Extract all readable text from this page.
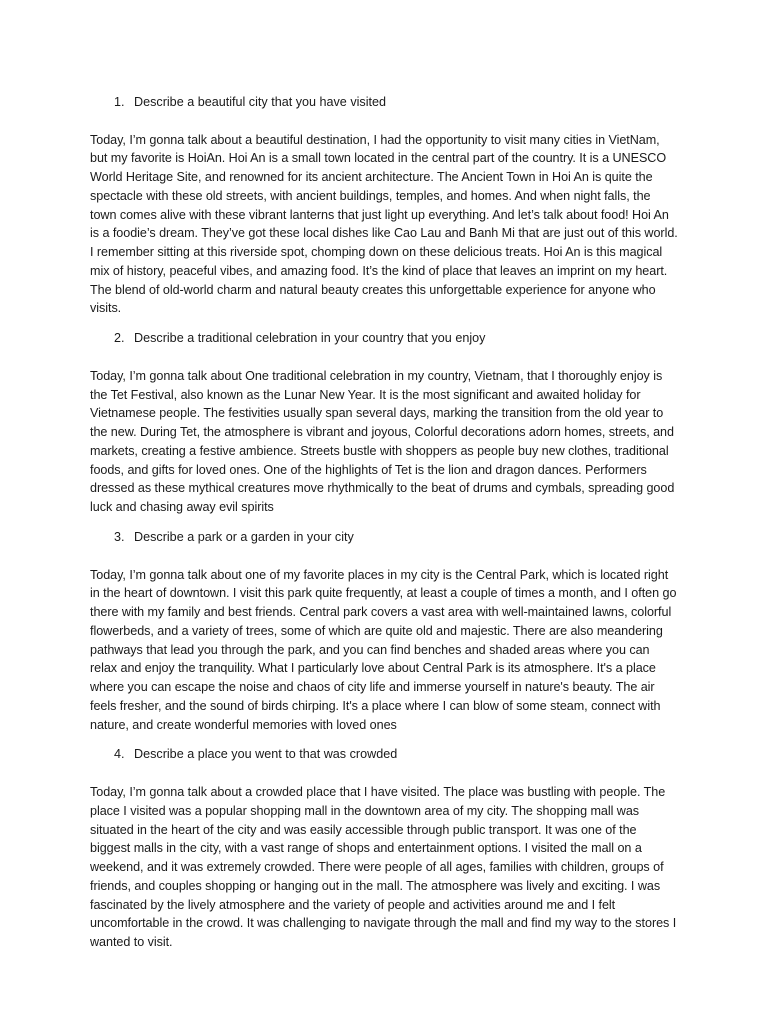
1. Describe a beautiful city that you have visited

Today, I’m gonna talk about a beautiful destination, I had the opportunity to visit many cities in VietNam, but my favorite is HoiAn. Hoi An is a small town located in the central part of the country. It is a UNESCO World Heritage Site, and renowned for its ancient architecture. The Ancient Town in Hoi An is quite the spectacle with these old streets, with ancient buildings, temples, and homes. And when night falls, the town comes alive with these vibrant lanterns that just light up everything. And let’s talk about food! Hoi An is a foodie’s dream. They’ve got these local dishes like Cao Lau and Banh Mi that are just out of this world. I remember sitting at this riverside spot, chomping down on these delicious treats. Hoi An is this magical mix of history, peaceful vibes, and amazing food. It’s the kind of place that leaves an imprint on my heart. The blend of old-world charm and natural beauty creates this unforgettable experience for anyone who visits.

2. Describe a traditional celebration in your country that you enjoy

Today, I’m gonna talk about One traditional celebration in my country, Vietnam, that I thoroughly enjoy is the Tet Festival, also known as the Lunar New Year. It is the most significant and awaited holiday for Vietnamese people. The festivities usually span several days, marking the transition from the old year to the new. During Tet, the atmosphere is vibrant and joyous, Colorful decorations adorn homes, streets, and markets, creating a festive ambience. Streets bustle with shoppers as people buy new clothes, traditional foods, and gifts for loved ones. One of the highlights of Tet is the lion and dragon dances. Performers dressed as these mythical creatures move rhythmically to the beat of drums and cymbals, spreading good luck and chasing away evil spirits

3. Describe a park or a garden in your city

Today, I’m gonna talk about one of my favorite places in my city is the Central Park, which is located right in the heart of downtown. I visit this park quite frequently, at least a couple of times a month, and I often go there with my family and best friends. Central park covers a vast area with well-maintained lawns, colorful flowerbeds, and a variety of trees, some of which are quite old and majestic. There are also meandering pathways that lead you through the park, and you can find benches and shaded areas where you can relax and enjoy the tranquility. What I particularly love about Central Park is its atmosphere. It's a place where you can escape the noise and chaos of city life and immerse yourself in nature's beauty. The air feels fresher, and the sound of birds chirping. It's a place where I can blow of some steam, connect with nature, and create wonderful memories with loved ones

4. Describe a place you went to that was crowded

Today, I’m gonna talk about a crowded place that I have visited. The place was bustling with people. The place I visited was a popular shopping mall in the downtown area of my city. The shopping mall was situated in the heart of the city and was easily accessible through public transport. It was one of the biggest malls in the city, with a vast range of shops and entertainment options. I visited the mall on a weekend, and it was extremely crowded. There were people of all ages, families with children, groups of friends, and couples shopping or hanging out in the mall. The atmosphere was lively and exciting. I was fascinated by the lively atmosphere and the variety of people and activities around me and I felt uncomfortable in the crowd. It was challenging to navigate through the mall and find my way to the stores I wanted to visit.
